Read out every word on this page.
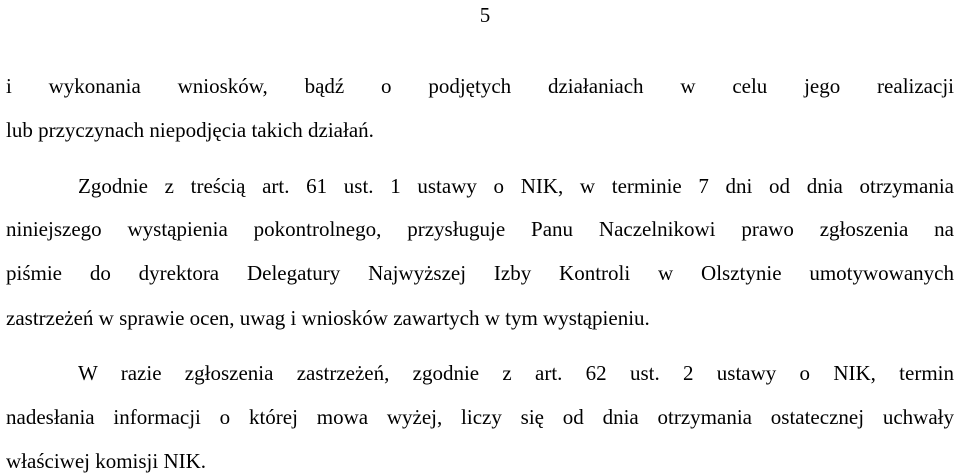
5
i wykonania wniosków, bądź o podjętych działaniach w celu jego realizacji
lub przyczynach niepodjęcia takich działań.
Zgodnie z treścią art. 61 ust. 1 ustawy o NIK, w terminie 7 dni od dnia otrzymania
niniejszego wystąpienia pokontrolnego, przysługuje Panu Naczelnikowi prawo zgłoszenia na
piśmie do dyrektora Delegatury Najwyższej Izby Kontroli w Olsztynie umotywowanych
zastrzeżeń w sprawie ocen, uwag i wniosków zawartych w tym wystąpieniu.
W razie zgłoszenia zastrzeżeń, zgodnie z art. 62 ust. 2 ustawy o NIK, termin
nadesłania informacji o której mowa wyżej, liczy się od dnia otrzymania ostatecznej uchwały
właściwej komisji NIK.
